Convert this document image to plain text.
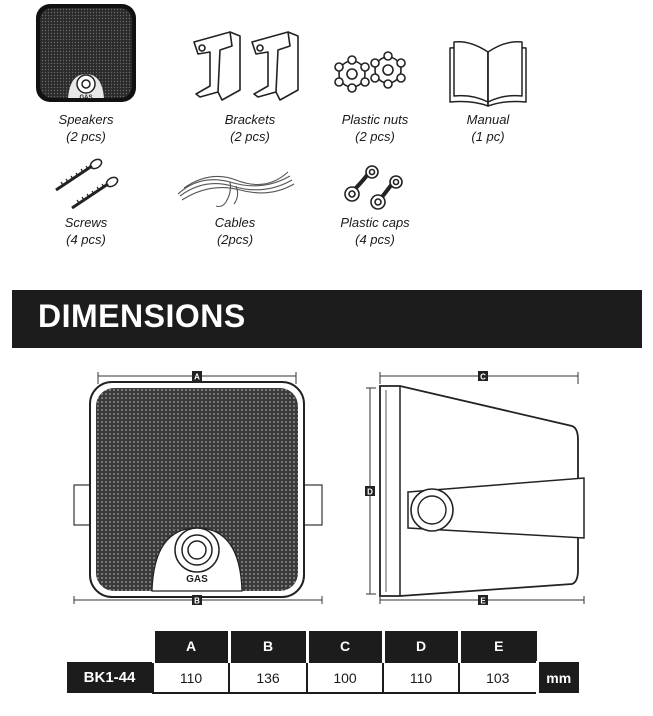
GAS
Speakers
(2 pcs)
Brackets
(2 pcs)
Plastic nuts
(2 pcs)
Manual
(1 pc)
Screws
(4 pcs)
Cables
(2pcs)
Plastic caps
(4 pcs)
DIMENSIONS
GAS
A
B
C
D
E
	A	B	C	D	E	
BK1-44	110	136	100	110	103	mm
